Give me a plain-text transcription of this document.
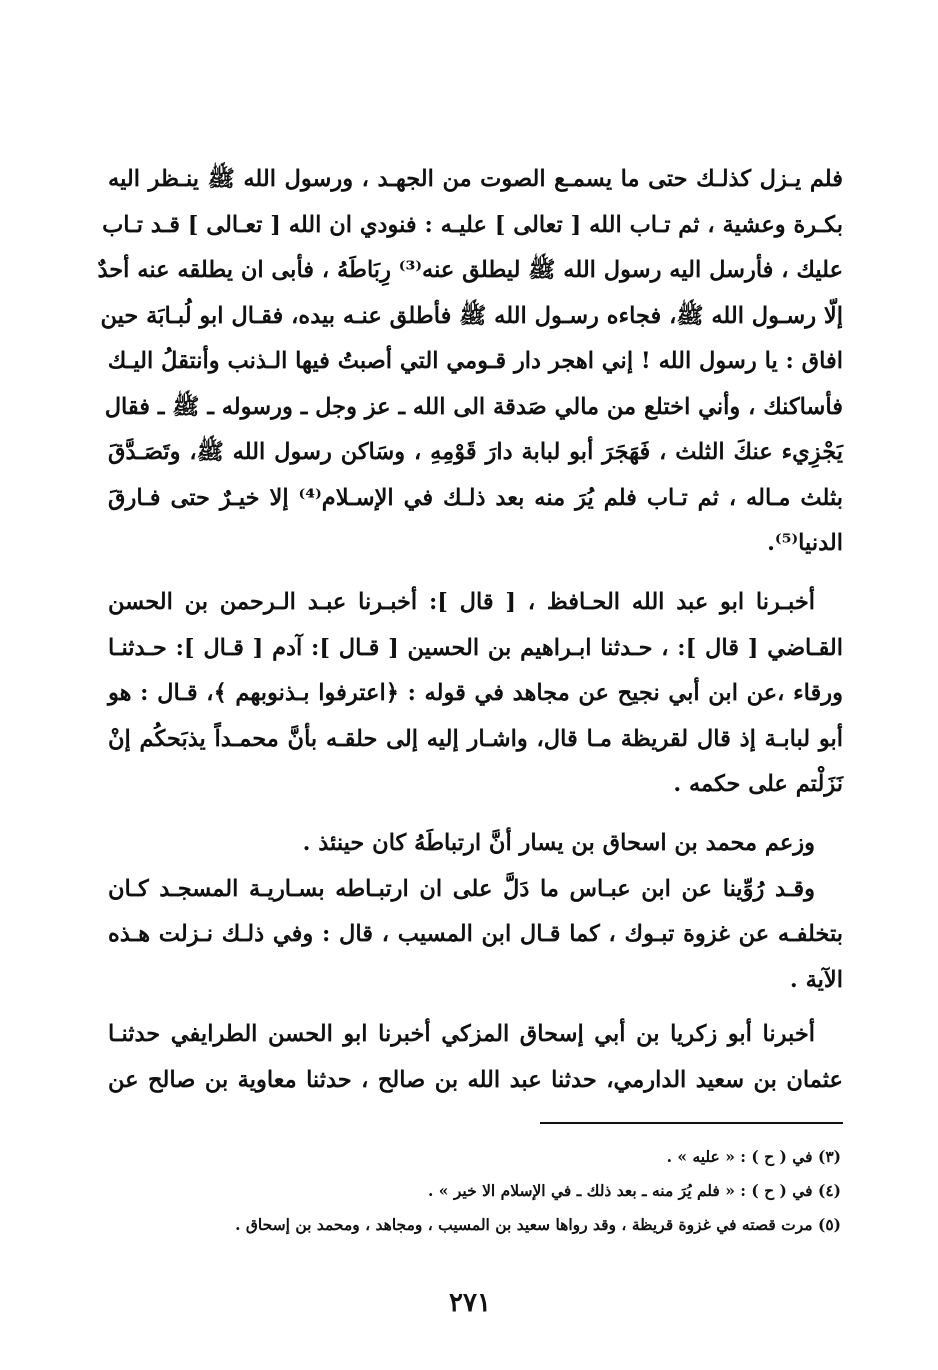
فلم يـزل كذلـك حتى ما يسمـع الصوت من الجهـد ، ورسول الله ﷺ ينـظر اليه
بكـرة وعشية ، ثم تـاب الله [ تعالى ] عليـه : فنودي ان الله [ تعـالى ] قـد تـاب
عليك ، فأرسل اليه رسول الله ﷺ ليطلق عنه⁽³⁾ رِبَاطَهُ ، فأبى ان يطلقه عنه أحدٌ
إلّا رسـول الله ﷺ، فجاءه رسـول الله ﷺ فأطلق عنـه بيده، فقـال ابو لُبـابَة حين
افاق : يا رسول الله ! إني اهجر دار قـومي التي أصبتُ فيها الـذنب وأنتقلُ اليـك
فأساكنك ، وأني اختلع من مالي صَدقة الى الله ـ عز وجل ـ ورسوله ـ ﷺ ـ فقال
يَجْزِيء عنكَ الثلث ، فَهَجَرَ أبو لبابة دارَ قَوْمِهِ ، وسَاكن رسول الله ﷺ، وتَصَـدَّقَ
بثلث مـاله ، ثم تـاب فلم يُرَ منه بعد ذلـك في الإسـلام⁽⁴⁾ إلا خيـرٌ حتى فـارقَ
الدنيا⁽⁵⁾.
أخبـرنا ابو عبد الله الحـافظ ، [ قال ]: أخبـرنا عبـد الـرحمن بن الحسن
القـاضي [ قال ]: ، حـدثنا ابـراهيم بن الحسين [ قـال ]: آدم [ قـال ]: حـدثنـا
ورقاء ،عن ابن أبي نجيح عن مجاهد في قوله : ﴿اعترفوا بـذنوبهم ﴾، قـال : هو
أبو لبابـة إذ قال لقريظة مـا قال، واشـار إليه إلى حلقـه بأنَّ محمـداً يذبَحكُم إنْ
نَزَلْتم على حكمه .
وزعم محمد بن اسحاق بن يسار أنَّ ارتباطَهُ كان حينئذ .
وقـد رُوِّينا عن ابن عبـاس ما دَلَّ على ان ارتبـاطه بسـاريـة المسجـد كـان
بتخلفـه عن غزوة تبـوك ، كما قـال ابن المسيب ، قال : وفي ذلـك نـزلت هـذه
الآية .
أخبرنا أبو زكريا بن أبي إسحاق المزكي أخبرنا ابو الحسن الطرايفي حدثنـا
عثمان بن سعيد الدارمي، حدثنا عبد الله بن صالح ، حدثنا معاوية بن صالح عن
(٣) في ( ح ) : « عليه » .
(٤) في ( ح ) : « فلم يُرَ منه ـ بعد ذلك ـ في الإسلام الا خير » .
(٥) مرت قصته في غزوة قريظة ، وقد رواها سعيد بن المسيب ، ومجاهد ، ومحمد بن إسحاق .
٢٧١
